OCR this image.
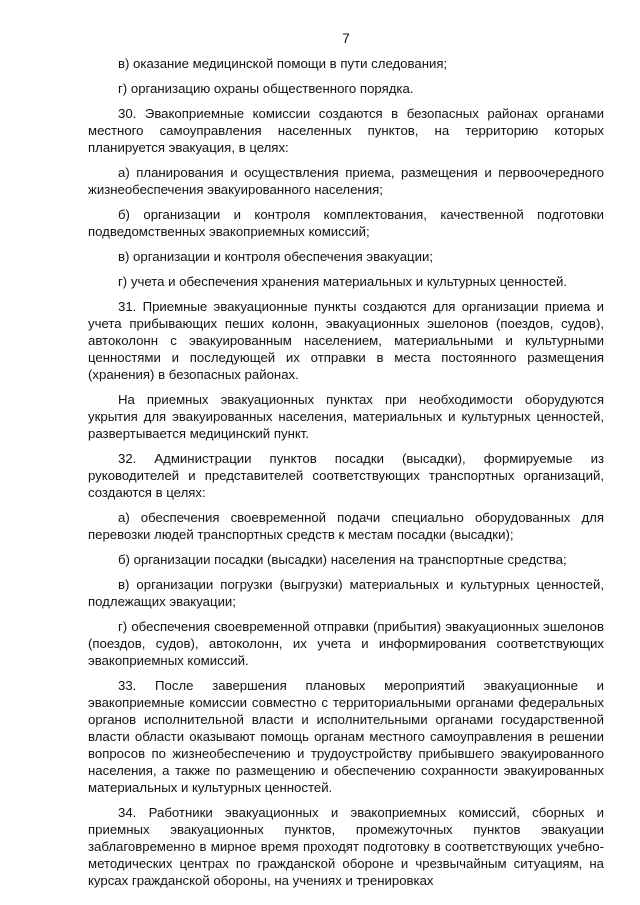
7

в) оказание медицинской помощи в пути следования;

г) организацию охраны общественного порядка.

30. Эвакоприемные комиссии создаются в безопасных районах органами местного самоуправления населенных пунктов, на территорию которых планируется эвакуация, в целях:

а) планирования и осуществления приема, размещения и первоочередного жизнеобеспечения эвакуированного населения;

б) организации и контроля комплектования, качественной подготовки подведомственных эвакоприемных комиссий;

в) организации и контроля обеспечения эвакуации;

г) учета и обеспечения хранения материальных и культурных ценностей.

31. Приемные эвакуационные пункты создаются для организации приема и учета прибывающих пеших колонн, эвакуационных эшелонов (поездов, судов), автоколонн с эвакуированным населением, материальными и культурными ценностями и последующей их отправки в места постоянного размещения (хранения) в безопасных районах.

На приемных эвакуационных пунктах при необходимости оборудуются укрытия для эвакуированных населения, материальных и культурных ценностей, развертывается медицинский пункт.

32. Администрации пунктов посадки (высадки), формируемые из руководителей и представителей соответствующих транспортных организаций, создаются в целях:

а) обеспечения своевременной подачи специально оборудованных для перевозки людей транспортных средств к местам посадки (высадки);

б) организации посадки (высадки) населения на транспортные средства;

в) организации погрузки (выгрузки) материальных и культурных ценностей, подлежащих эвакуации;

г) обеспечения своевременной отправки (прибытия) эвакуационных эшелонов (поездов, судов), автоколонн, их учета и информирования соответствующих эвакоприемных комиссий.

33. После завершения плановых мероприятий эвакуационные и эвакоприемные комиссии совместно с территориальными органами федеральных органов исполнительной власти и исполнительными органами государственной власти области оказывают помощь органам местного самоуправления в решении вопросов по жизнеобеспечению и трудоустройству прибывшего эвакуированного населения, а также по размещению и обеспечению сохранности эвакуированных материальных и культурных ценностей.

34. Работники эвакуационных и эвакоприемных комиссий, сборных и приемных эвакуационных пунктов, промежуточных пунктов эвакуации заблаговременно в мирное время проходят подготовку в соответствующих учебно-методических центрах по гражданской обороне и чрезвычайным ситуациям, на курсах гражданской обороны, на учениях и тренировках
